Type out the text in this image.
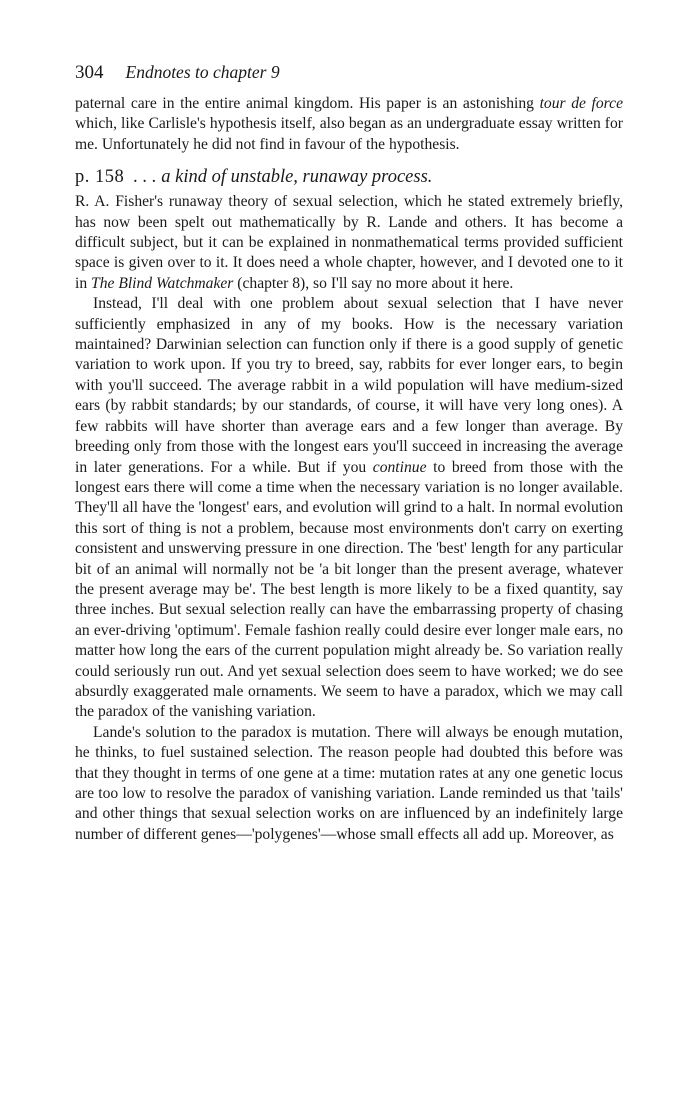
304 Endnotes to chapter 9

paternal care in the entire animal kingdom. His paper is an astonishing tour de force which, like Carlisle's hypothesis itself, also began as an undergraduate essay written for me. Unfortunately he did not find in favour of the hypothesis.

p. 158 . . . a kind of unstable, runaway process.

R. A. Fisher's runaway theory of sexual selection, which he stated extremely briefly, has now been spelt out mathematically by R. Lande and others. It has become a difficult subject, but it can be explained in nonmathematical terms provided sufficient space is given over to it. It does need a whole chapter, however, and I devoted one to it in The Blind Watchmaker (chapter 8), so I'll say no more about it here.

Instead, I'll deal with one problem about sexual selection that I have never sufficiently emphasized in any of my books. How is the necessary variation maintained? Darwinian selection can function only if there is a good supply of genetic variation to work upon. If you try to breed, say, rabbits for ever longer ears, to begin with you'll succeed. The average rabbit in a wild population will have medium-sized ears (by rabbit standards; by our standards, of course, it will have very long ones). A few rabbits will have shorter than average ears and a few longer than average. By breeding only from those with the longest ears you'll succeed in increasing the average in later generations. For a while. But if you continue to breed from those with the longest ears there will come a time when the necessary variation is no longer available. They'll all have the 'longest' ears, and evolution will grind to a halt. In normal evolution this sort of thing is not a problem, because most environments don't carry on exerting consistent and unswerving pressure in one direction. The 'best' length for any particular bit of an animal will normally not be 'a bit longer than the present average, whatever the present average may be'. The best length is more likely to be a fixed quantity, say three inches. But sexual selection really can have the embarrassing property of chasing an ever-driving 'optimum'. Female fashion really could desire ever longer male ears, no matter how long the ears of the current population might already be. So variation really could seriously run out. And yet sexual selection does seem to have worked; we do see absurdly exaggerated male ornaments. We seem to have a paradox, which we may call the paradox of the vanishing variation.

Lande's solution to the paradox is mutation. There will always be enough mutation, he thinks, to fuel sustained selection. The reason people had doubted this before was that they thought in terms of one gene at a time: mutation rates at any one genetic locus are too low to resolve the paradox of vanishing variation. Lande reminded us that 'tails' and other things that sexual selection works on are influenced by an indefinitely large number of different genes—'polygenes'—whose small effects all add up. Moreover, as
